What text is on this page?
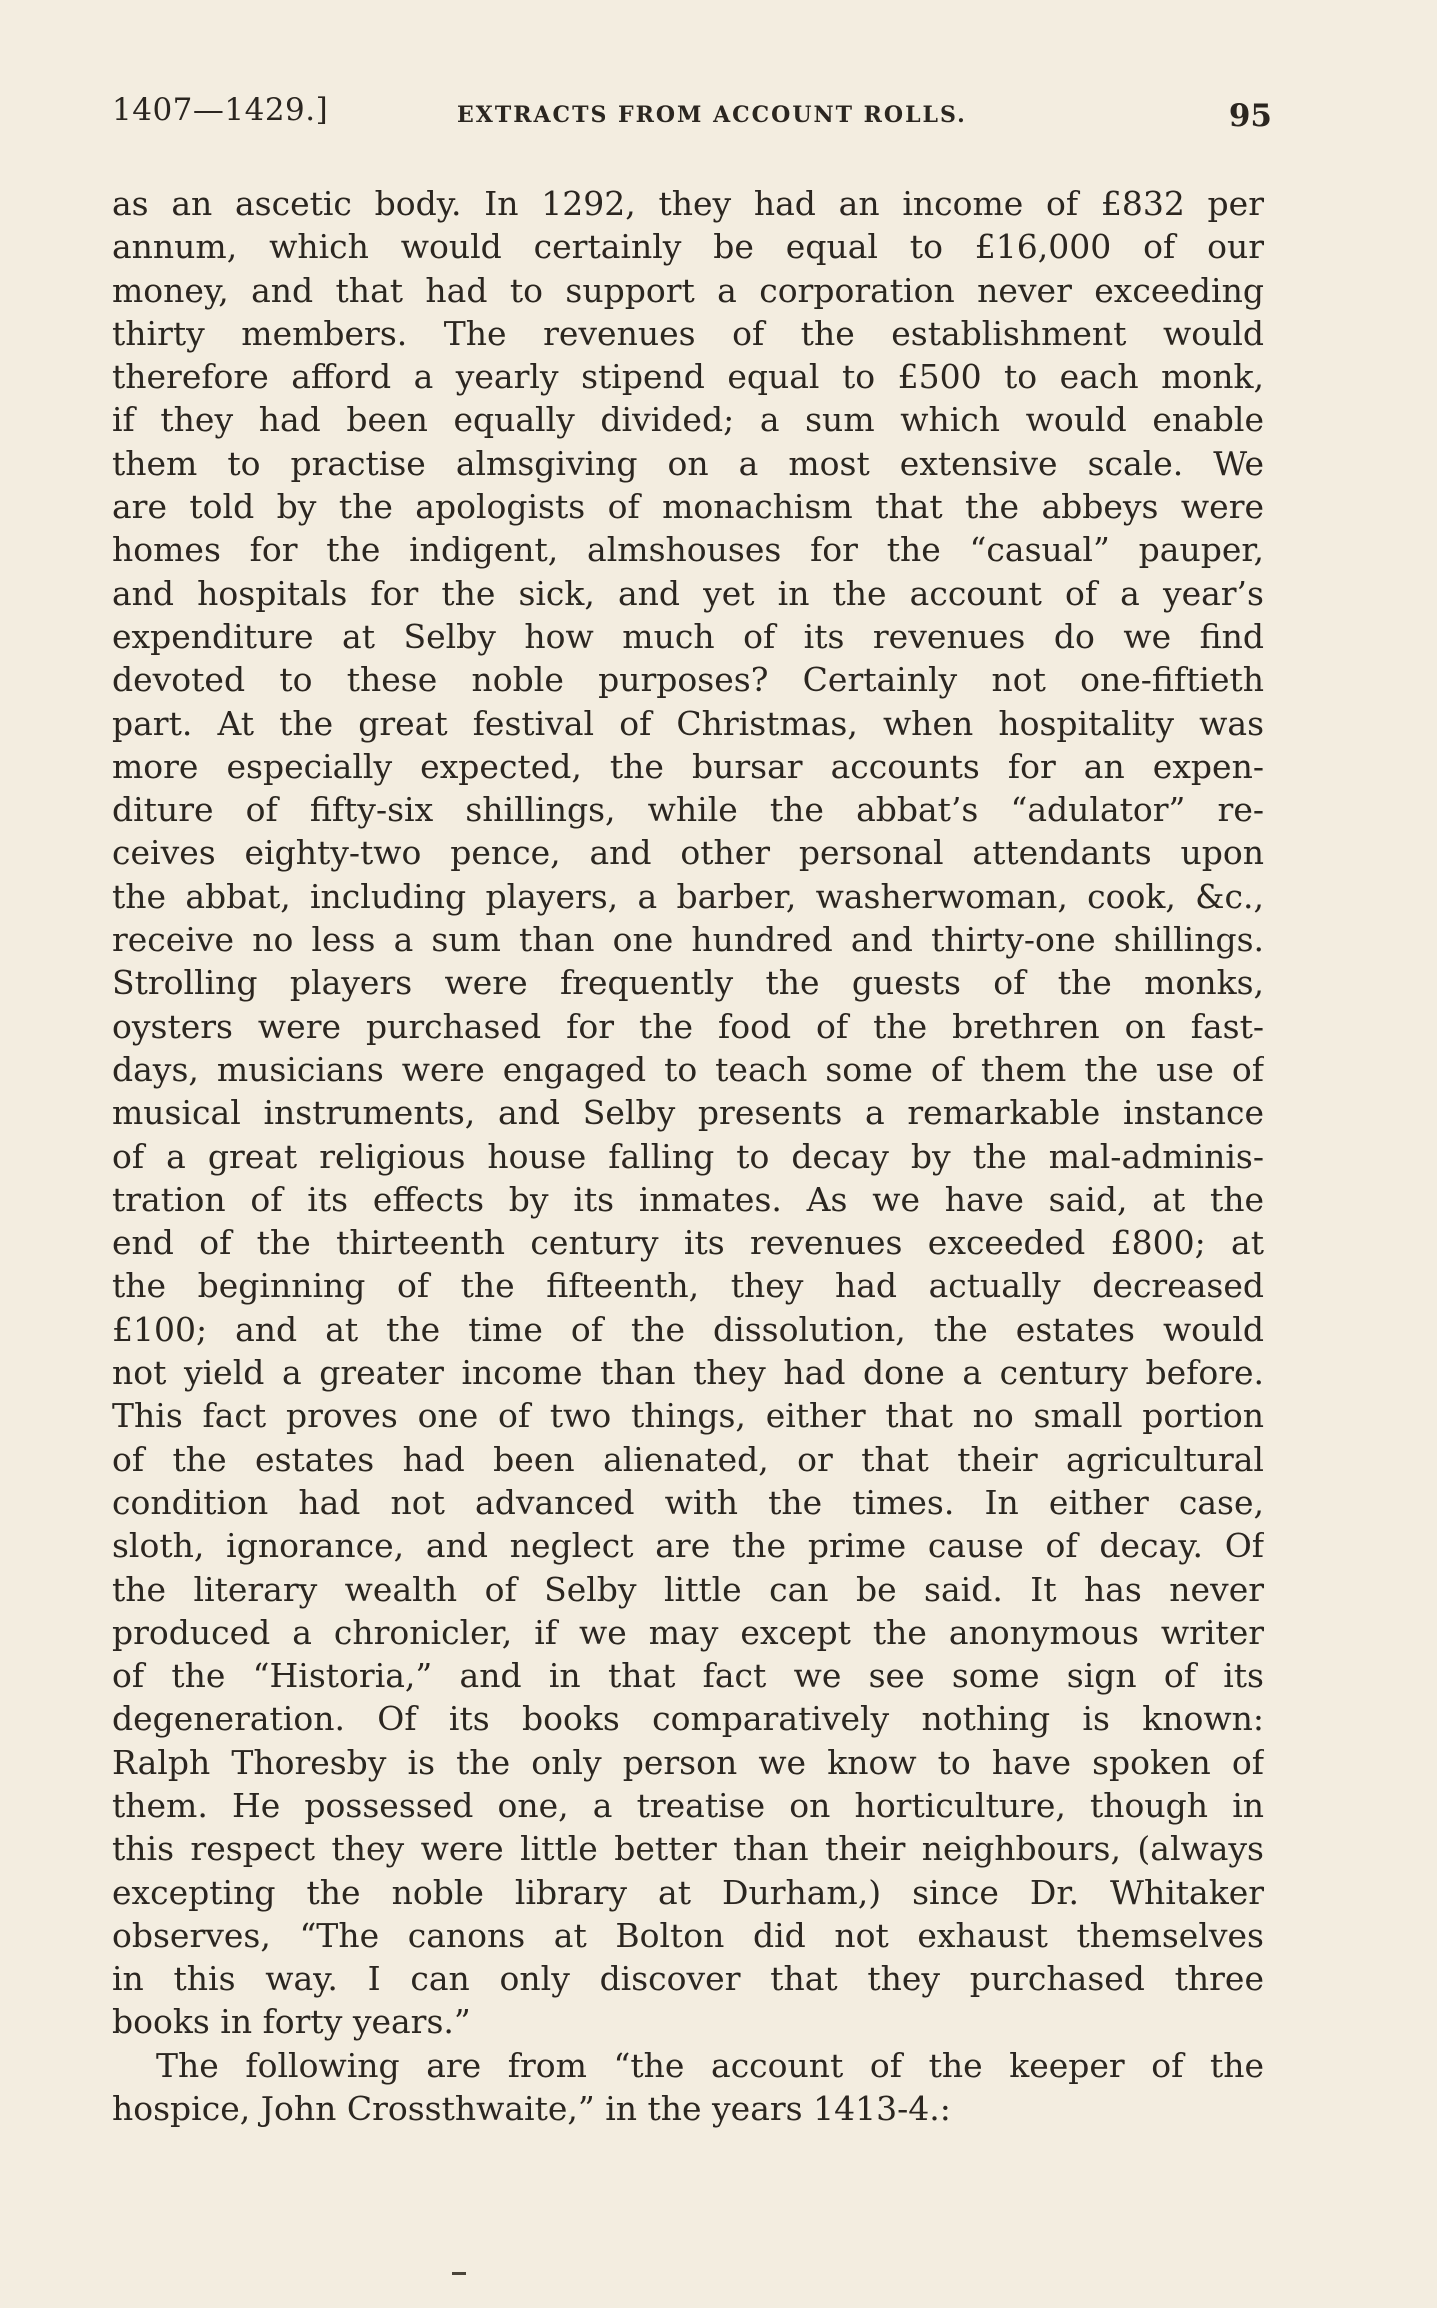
1407—1429.]	EXTRACTS FROM ACCOUNT ROLLS.	95
as an ascetic body. In 1292, they had an income of £832 per
annum, which would certainly be equal to £16,000 of our
money, and that had to support a corporation never exceeding
thirty members. The revenues of the establishment would
therefore afford a yearly stipend equal to £500 to each monk,
if they had been equally divided; a sum which would enable
them to practise almsgiving on a most extensive scale. We
are told by the apologists of monachism that the abbeys were
homes for the indigent, almshouses for the “casual” pauper,
and hospitals for the sick, and yet in the account of a year’s
expenditure at Selby how much of its revenues do we find
devoted to these noble purposes? Certainly not one-fiftieth
part. At the great festival of Christmas, when hospitality was
more especially expected, the bursar accounts for an expen-
diture of fifty-six shillings, while the abbat’s “adulator” re-
ceives eighty-two pence, and other personal attendants upon
the abbat, including players, a barber, washerwoman, cook, &c.,
receive no less a sum than one hundred and thirty-one shillings.
Strolling players were frequently the guests of the monks,
oysters were purchased for the food of the brethren on fast-
days, musicians were engaged to teach some of them the use of
musical instruments, and Selby presents a remarkable instance
of a great religious house falling to decay by the mal-adminis-
tration of its effects by its inmates. As we have said, at the
end of the thirteenth century its revenues exceeded £800; at
the beginning of the fifteenth, they had actually decreased
£100; and at the time of the dissolution, the estates would
not yield a greater income than they had done a century before.
This fact proves one of two things, either that no small portion
of the estates had been alienated, or that their agricultural
condition had not advanced with the times. In either case,
sloth, ignorance, and neglect are the prime cause of decay. Of
the literary wealth of Selby little can be said. It has never
produced a chronicler, if we may except the anonymous writer
of the “Historia,” and in that fact we see some sign of its
degeneration. Of its books comparatively nothing is known:
Ralph Thoresby is the only person we know to have spoken of
them. He possessed one, a treatise on horticulture, though in
this respect they were little better than their neighbours, (always
excepting the noble library at Durham,) since Dr. Whitaker
observes, “The canons at Bolton did not exhaust themselves
in this way. I can only discover that they purchased three
books in forty years.”
The following are from “the account of the keeper of the
hospice, John Crossthwaite,” in the years 1413-4.:
